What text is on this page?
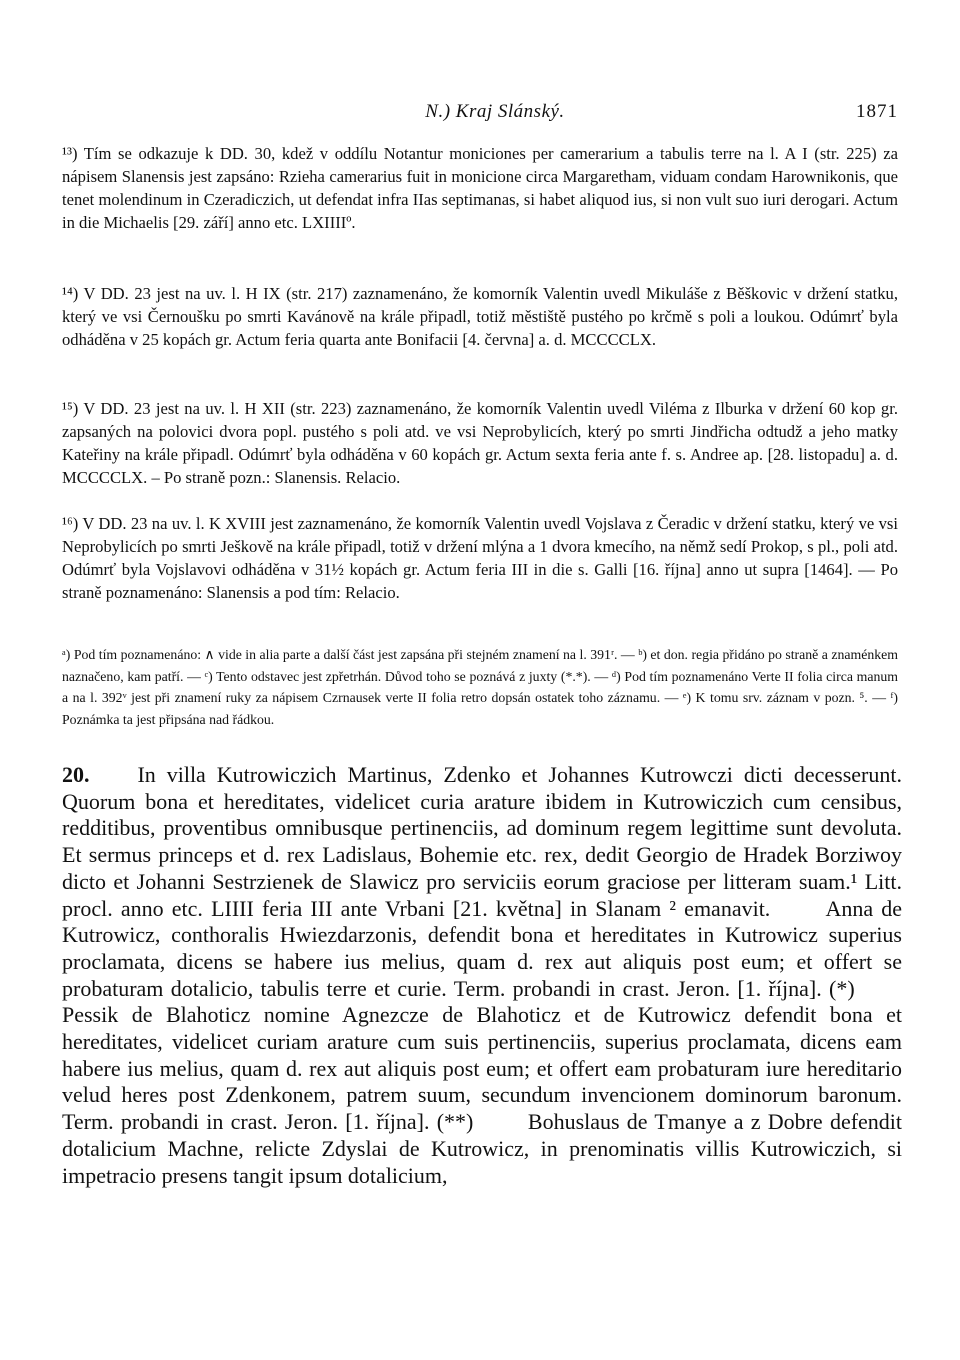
N.) Kraj Slánský.	1871

¹³) Tím se odkazuje k DD. 30, kdež v oddílu Notantur moniciones per camerarium a tabulis terre na l. A I (str. 225) za nápisem Slanensis jest zapsáno: Rzieha camerarius fuit in monicione circa Margaretham, viduam condam Harownikonis, que tenet molendinum in Czeradiczich, ut defendat infra IIas septimanas, si habet aliquod ius, si non vult suo iuri derogari. Actum in die Michaelis [29. září] anno etc. LXIIIIº.

¹⁴) V DD. 23 jest na uv. l. H IX (str. 217) zaznamenáno, že komorník Valentin uvedl Mikuláše z Běškovic v držení statku, který ve vsi Černoušku po smrti Kavánově na krále připadl, totiž městiště pustého po krčmě s poli a loukou. Odúmrť byla odháděna v 25 kopách gr. Actum feria quarta ante Bonifacii [4. června] a. d. MCCCCLX.

¹⁵) V DD. 23 jest na uv. l. H XII (str. 223) zaznamenáno, že komorník Valentin uvedl Viléma z Ilburka v držení 60 kop gr. zapsaných na polovici dvora popl. pustého s poli atd. ve vsi Neprobylicích, který po smrti Jindřicha odtudž a jeho matky Kateřiny na krále připadl. Odúmrť byla odháděna v 60 kopách gr. Actum sexta feria ante f. s. Andree ap. [28. listopadu] a. d. MCCCCLX. – Po straně pozn.: Slanensis. Relacio.

¹⁶) V DD. 23 na uv. l. K XVIII jest zaznamenáno, že komorník Valentin uvedl Vojslava z Čeradic v držení statku, který ve vsi Neprobylicích po smrti Ješkově na krále připadl, totiž v držení mlýna a 1 dvora kmecího, na němž sedí Prokop, s pl., poli atd. Odúmrť byla Vojslavovi odháděna v 31½ kopách gr. Actum feria III in die s. Galli [16. října] anno ut supra [1464]. — Po straně poznamenáno: Slanensis a pod tím: Relacio.

ᵃ) Pod tím poznamenáno: ∧ vide in alia parte a další část jest zapsána při stejném znamení na l. 391ʳ. — ᵇ) et don. regia přidáno po straně a znaménkem naznačeno, kam patří. — ᶜ) Tento odstavec jest zpřetrhán. Důvod toho se poznává z juxty (*.*). — ᵈ) Pod tím poznamenáno Verte II folia circa manum a na l. 392ᵛ jest při znamení ruky za nápisem Czrnausek verte II folia retro dopsán ostatek toho záznamu. — ᵉ) K tomu srv. záznam v pozn. ⁵. — ᶠ) Poznámka ta jest připsána nad řádkou.

20. In villa Kutrowiczich Martinus, Zdenko et Johannes Kutrowczi dicti decesserunt. Quorum bona et hereditates, videlicet curia arature ibidem in Kutrowiczich cum censibus, redditibus, proventibus omnibusque pertinenciis, ad dominum regem legittime sunt devoluta. Et sermus princeps et d. rex Ladislaus, Bohemie etc. rex, dedit Georgio de Hradek Borziwoy dicto et Johanni Sestrzienek de Slawicz pro serviciis eorum graciose per litteram suam.¹ Litt. procl. anno etc. LIIII feria III ante Vrbani [21. května] in Slanam ² emanavit.	Anna de Kutrowicz, conthoralis Hwiezdarzonis, defendit bona et hereditates in Kutrowicz superius proclamata, dicens se habere ius melius, quam d. rex aut aliquis post eum; et offert se probaturam dotalicio, tabulis terre et curie. Term. probandi in crast. Jeron. [1. října]. (*)  Pessik de Blahoticz nomine Agnezcze de Blahoticz et de Kutrowicz defendit bona et hereditates, videlicet curiam arature cum suis pertinenciis, superius proclamata, dicens eam habere ius melius, quam d. rex aut aliquis post eum; et offert eam probaturam iure hereditario velud heres post Zdenkonem, patrem suum, secundum invencionem dominorum baronum. Term. probandi in crast. Jeron. [1. října]. (**) Bohuslaus de Tmanye a z Dobre defendit dotalicium Machne, relicte Zdyslai de Kutrowicz, in prenominatis villis Kutrowiczich, si impetracio presens tangit ipsum dotalicium,
